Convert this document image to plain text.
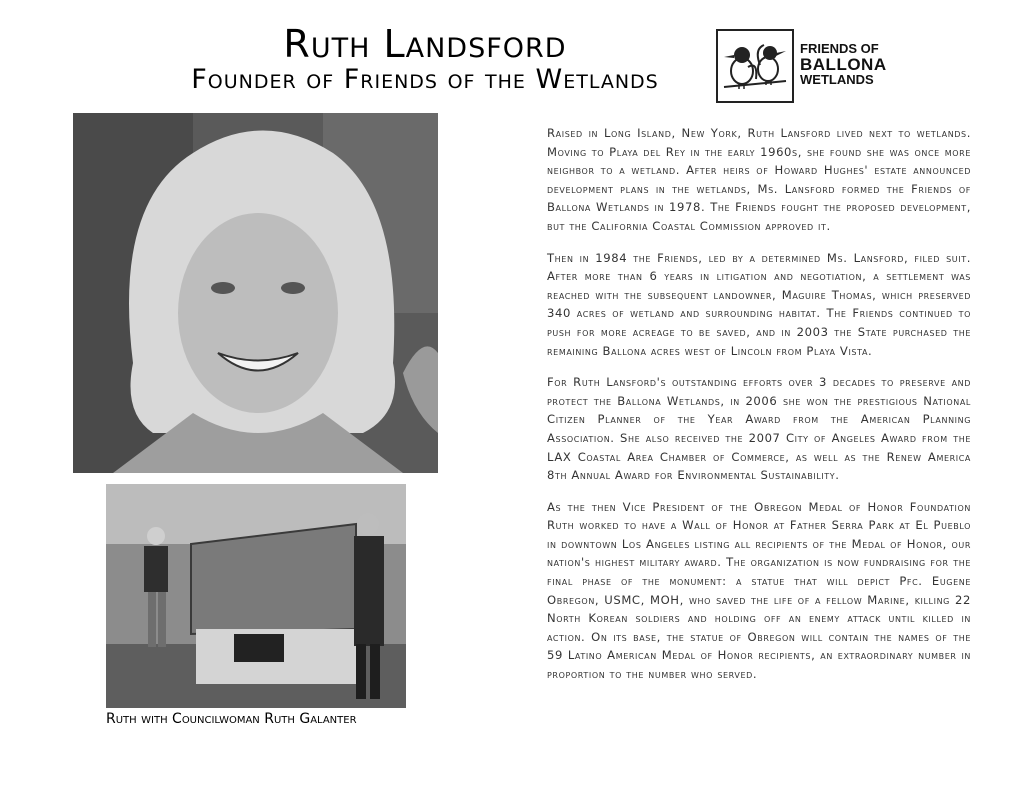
Ruth Landsford
Founder of Friends of the Wetlands
FRIENDS OF
BALLONA
WETLANDS
Ruth with Councilwoman Ruth Galanter

Raised in Long Island, New York, Ruth Lansford lived next to wetlands. Moving to Playa del Rey in the early 1960s, she found she was once more neighbor to a wetland. After heirs of Howard Hughes' estate announced development plans in the wetlands, Ms. Lansford formed the Friends of Ballona Wetlands in 1978. The Friends fought the proposed development, but the California Coastal Commission approved it.

Then in 1984 the Friends, led by a determined Ms. Lansford, filed suit. After more than 6 years in litigation and negotiation, a settlement was reached with the subsequent landowner, Maguire Thomas, which preserved 340 acres of wetland and surrounding habitat. The Friends continued to push for more acreage to be saved, and in 2003 the State purchased the remaining Ballona acres west of Lincoln from Playa Vista.

For Ruth Lansford's outstanding efforts over 3 decades to preserve and protect the Ballona Wetlands, in 2006 she won the prestigious National Citizen Planner of the Year Award from the American Planning Association. She also received the 2007 City of Angeles Award from the LAX Coastal Area Chamber of Commerce, as well as the Renew America 8th Annual Award for Environmental Sustainability.

As the then Vice President of the Obregon Medal of Honor Foundation Ruth worked to have a Wall of Honor at Father Serra Park at El Pueblo in downtown Los Angeles listing all recipients of the Medal of Honor, our nation's highest military award. The organization is now fundraising for the final phase of the monument: a statue that will depict Pfc. Eugene Obregon, USMC, MOH, who saved the life of a fellow Marine, killing 22 North Korean soldiers and holding off an enemy attack until killed in action. On its base, the statue of Obregon will contain the names of the 59 Latino American Medal of Honor recipients, an extraordinary number in proportion to the number who served.
